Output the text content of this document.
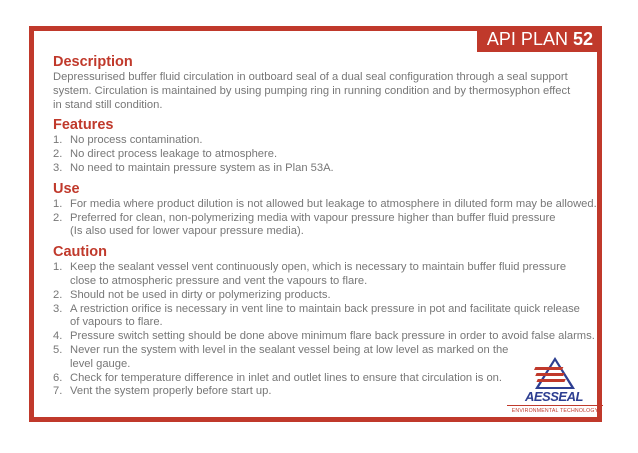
API PLAN 52
Description

Depressurised buffer fluid circulation in outboard seal of a dual seal configuration through a seal support

system. Circulation is maintained by using pumping ring in running condition and by thermosyphon effect

in stand still condition.

Features
1. No process contamination.
2. No direct process leakage to atmosphere.
3. No need to maintain pressure system as in Plan 53A.
Use
1. For media where product dilution is not allowed but leakage to atmosphere in diluted form may be allowed.
2. Preferred for clean, non-polymerizing media with vapour pressure higher than buffer fluid pressure
(Is also used for lower vapour pressure media).
Caution
1. Keep the sealant vessel vent continuously open, which is necessary to maintain buffer fluid pressure
close to atmospheric pressure and vent the vapours to flare.
2. Should not be used in dirty or polymerizing products.
3. A restriction orifice is necessary in vent line to maintain back pressure in pot and facilitate quick release
of vapours to flare.
4. Pressure switch setting should be done above minimum flare back pressure in order to avoid false alarms.
5. Never run the system with level in the sealant vessel being at low level as marked on the
level gauge.
6. Check for temperature difference in inlet and outlet lines to ensure that circulation is on.
7. Vent the system properly before start up.	AESSEAL
ENVIRONMENTAL TECHNOLOGY
